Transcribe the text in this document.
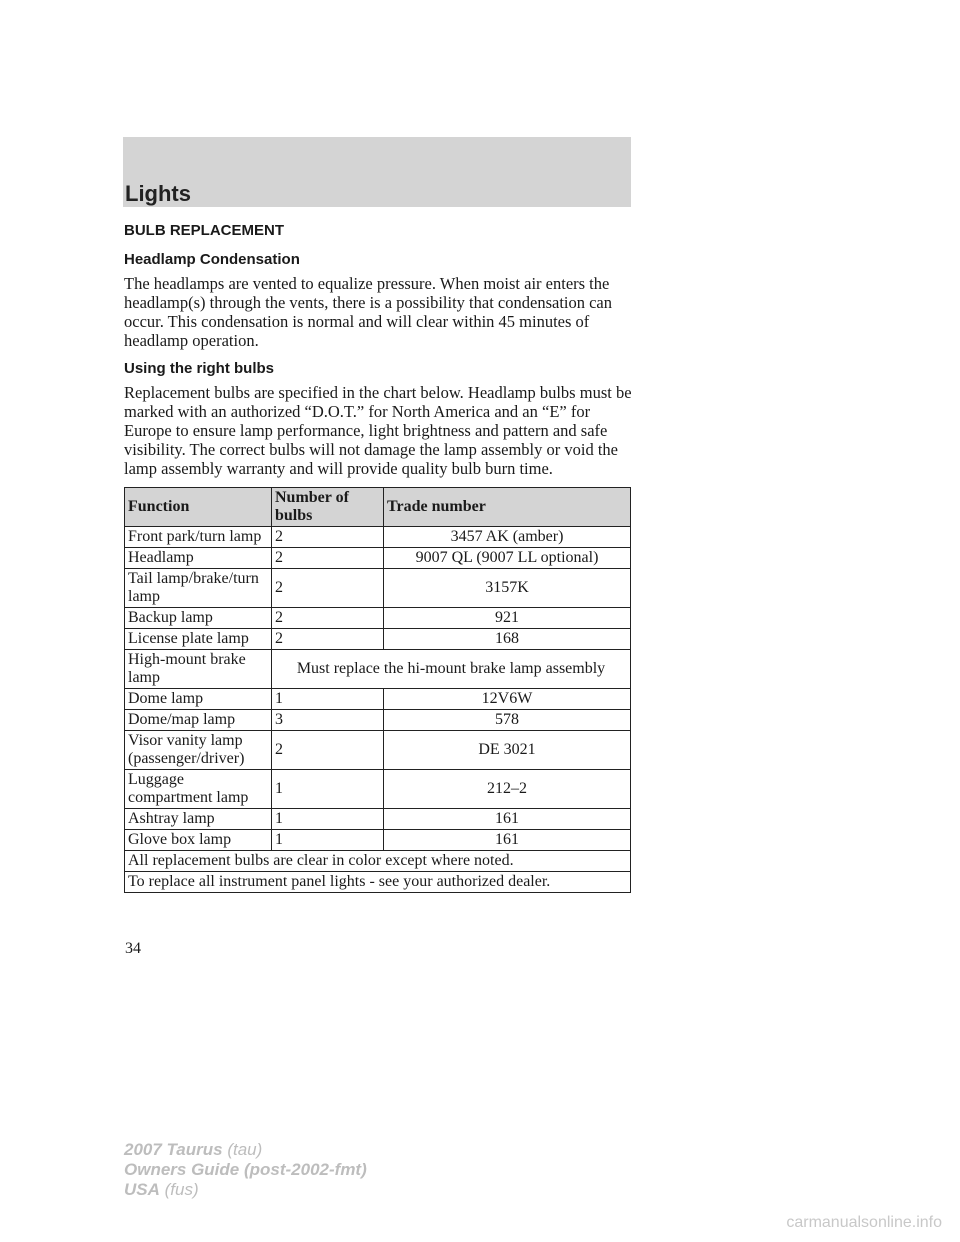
Lights
BULB REPLACEMENT
Headlamp Condensation

The headlamps are vented to equalize pressure. When moist air enters the headlamp(s) through the vents, there is a possibility that condensation can occur. This condensation is normal and will clear within 45 minutes of headlamp operation.

Using the right bulbs

Replacement bulbs are specified in the chart below. Headlamp bulbs must be marked with an authorized “D.O.T.” for North America and an “E” for Europe to ensure lamp performance, light brightness and pattern and safe visibility. The correct bulbs will not damage the lamp assembly or void the lamp assembly warranty and will provide quality bulb burn time.

Function	Number of bulbs	Trade number
Front park/turn lamp	2	3457 AK (amber)
Headlamp	2	9007 QL (9007 LL optional)
Tail lamp/brake/turn lamp	2	3157K
Backup lamp	2	921
License plate lamp	2	168
High-mount brake lamp	Must replace the hi-mount brake lamp assembly	
Dome lamp	1	12V6W
Dome/map lamp	3	578
Visor vanity lamp (passenger/driver)	2	DE 3021
Luggage compartment lamp	1	212–2
Ashtray lamp	1	161
Glove box lamp	1	161
All replacement bulbs are clear in color except where noted.		
To replace all instrument panel lights - see your authorized dealer.		
34
2007 Taurus (tau)
Owners Guide (post-2002-fmt)
USA (fus)
carmanualsonline.info
